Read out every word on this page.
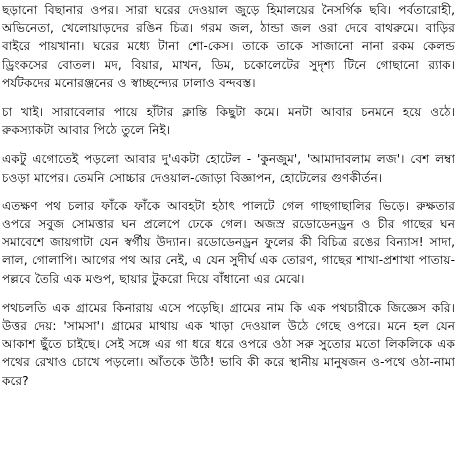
ছড়ানো বিছানার ওপর। সারা ঘরের দেওয়াল জুড়ে হিমালয়ের নৈসর্গিক ছবি। পর্বতারোহী, অভিনেতা, খেলোয়াড়দের রঙিন চিত্র। গরম জল, ঠান্ডা জল ওরা দেবে বাথরুমে। বাড়ির বাইরে পায়খানা। ঘরের মধ্যে টানা শো-কেস। তাকে তাকে সাজানো নানা রকম কেলন্ড ড্রিংকসের বোতল। মদ, বিয়ার, মাখন, ডিম, চকোলেটের সুদৃশ্য টিনে গোছানো র‍্যাক। পর্যটকদের মনোরঞ্জনের ও স্বাচ্ছন্দ্যের ঢালাও বন্দবস্ত।

চা খাই। সারাবেলার পায়ে হাঁটার ক্লান্তি কিছুটা কমে। মনটা আবার চনমনে হয়ে ওঠে। রুকস্যাকটা আবার পিঠে তুলে নিই।

একটু এগোতেই পড়লো আবার দু'একটা হোটেল - 'কুনজুম', 'আমাদাবলাম লজ'। বেশ লম্বা চওড়া মাপের। তেমনি সোচ্চার দেওয়াল-জোড়া বিজ্ঞাপন, হোটেলের গুণকীর্তন।

এতক্ষণ পথ চলার ফাঁকে ফাঁকে আবহটা হঠাৎ পালটে গেল গাছগাছালির ভিড়ে। রুক্ষতার ওপরে সবুজ সোমত্তার ঘন প্রলেপে ঢেকে গেল। অজস্র রডোডেনড্রন ও চীর গাছের ঘন সমাবেশে জায়গাটা যেন স্বর্গীয় উদ্যান। রডোডেনড্রন ফুলের কী বিচিত্র রঙের বিন্যাস! সাদা, লাল, গোলাপি। আগের পথ আর নেই, এ যেন সুদীর্ঘ এক তোরণ, গাছের শাখা-প্রশাখা পাতায়-পল্লবে তৈরি এক মণ্ডপ, ছায়ার টুকরো দিয়ে বাঁধানো এর মেঝে।

পথচলতি এক গ্রামের কিনারায় এসে পড়েছি। গ্রামের নাম কি এক পথচারীকে জিজ্ঞেস করি। উত্তর দেয়: 'সামসা'। গ্রামের মাথায় এক খাড়া দেওয়াল উঠে গেছে ওপরে। মনে হল যেন আকাশ ছুঁতে চাইছে। সেই সঙ্গে এর গা ধরে ধরে ওপরে ওঠা সরু সুতোর মতো লিকলিকে এক পথের রেখাও চোখে পড়লো। আঁতকে উঠি! ভাবি কী করে স্থানীয় মানুষজন ও-পথে ওঠা-নামা করে?
